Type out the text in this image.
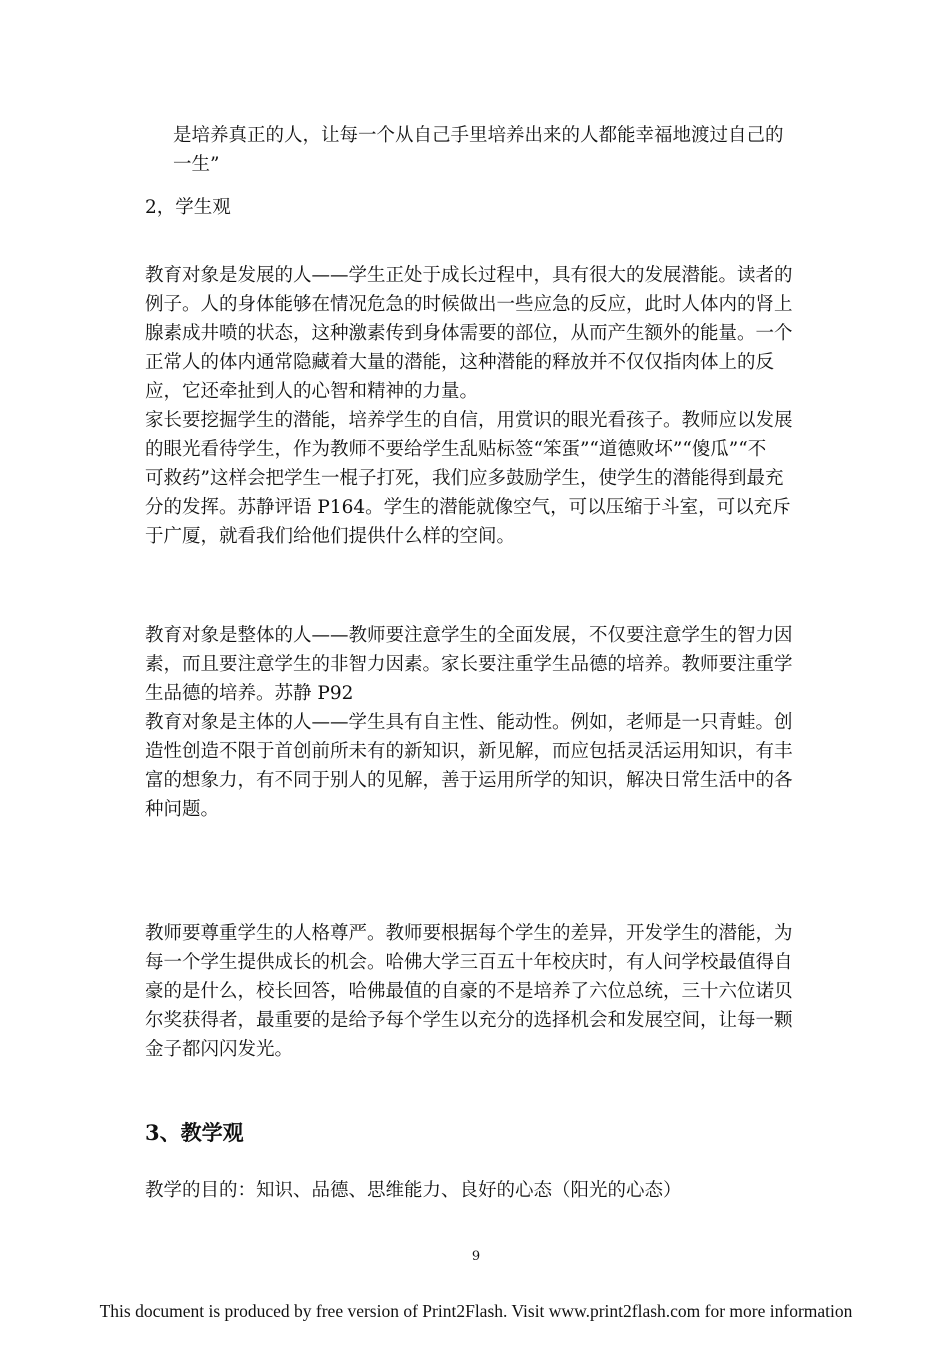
是培养真正的人，让每一个从自己手里培养出来的人都能幸福地渡过自己的
一生”
2，学生观
教育对象是发展的人——学生正处于成长过程中，具有很大的发展潜能。读者的
例子。人的身体能够在情况危急的时候做出一些应急的反应，此时人体内的肾上
腺素成井喷的状态，这种激素传到身体需要的部位，从而产生额外的能量。一个
正常人的体内通常隐藏着大量的潜能，这种潜能的释放并不仅仅指肉体上的反
应，它还牵扯到人的心智和精神的力量。
家长要挖掘学生的潜能，培养学生的自信，用赏识的眼光看孩子。教师应以发展
的眼光看待学生，作为教师不要给学生乱贴标签“笨蛋”“道德败坏”“傻瓜”“不
可救药”这样会把学生一棍子打死，我们应多鼓励学生，使学生的潜能得到最充
分的发挥。苏静评语 P164。学生的潜能就像空气，可以压缩于斗室，可以充斥
于广厦，就看我们给他们提供什么样的空间。
教育对象是整体的人——教师要注意学生的全面发展，不仅要注意学生的智力因
素，而且要注意学生的非智力因素。家长要注重学生品德的培养。教师要注重学
生品德的培养。苏静 P92
教育对象是主体的人——学生具有自主性、能动性。例如，老师是一只青蛙。创
造性创造不限于首创前所未有的新知识，新见解，而应包括灵活运用知识，有丰
富的想象力，有不同于别人的见解，善于运用所学的知识，解决日常生活中的各
种问题。
教师要尊重学生的人格尊严。教师要根据每个学生的差异，开发学生的潜能，为
每一个学生提供成长的机会。哈佛大学三百五十年校庆时，有人问学校最值得自
豪的是什么，校长回答，哈佛最值的自豪的不是培养了六位总统，三十六位诺贝
尔奖获得者，最重要的是给予每个学生以充分的选择机会和发展空间，让每一颗
金子都闪闪发光。
3、教学观
教学的目的：知识、品德、思维能力、良好的心态（阳光的心态）

9

This document is produced by free version of Print2Flash. Visit www.print2flash.com for more information
